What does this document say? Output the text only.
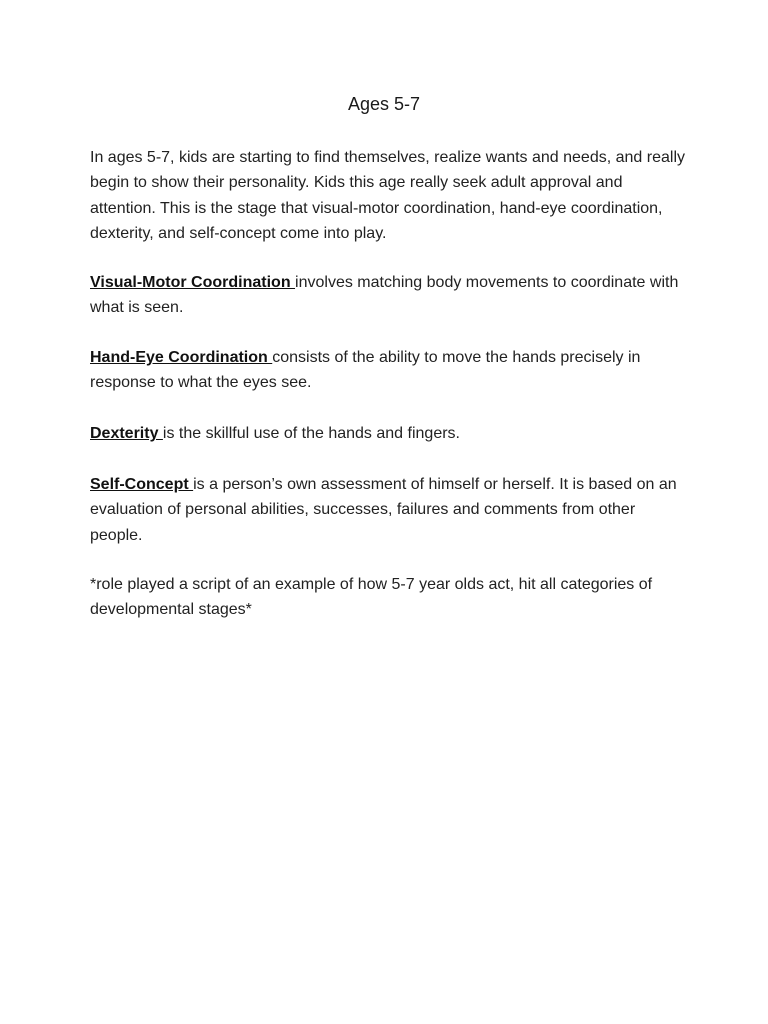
Ages 5-7

In ages 5-7, kids are starting to find themselves, realize wants and needs, and really begin to show their personality. Kids this age really seek adult approval and attention. This is the stage that visual-motor coordination, hand-eye coordination, dexterity, and self-concept come into play.

Visual-Motor Coordination involves matching body movements to coordinate with what is seen.

Hand-Eye Coordination consists of the ability to move the hands precisely in response to what the eyes see.

Dexterity is the skillful use of the hands and fingers.

Self-Concept is a person’s own assessment of himself or herself. It is based on an evaluation of personal abilities, successes, failures and comments from other people.

*role played a script of an example of how 5-7 year olds act, hit all categories of developmental stages*
